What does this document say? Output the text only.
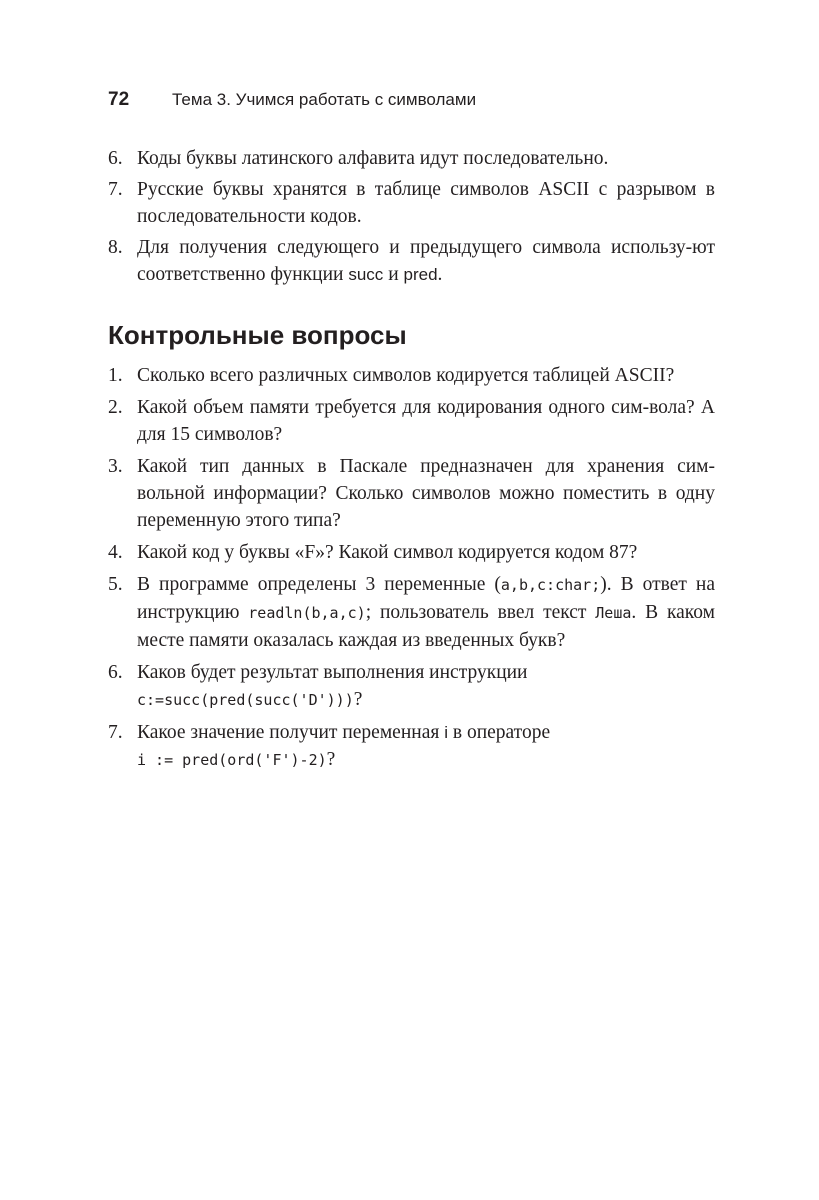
72	Тема 3. Учимся работать с символами
6. Коды буквы латинского алфавита идут последовательно.
7. Русские буквы хранятся в таблице символов ASCII с разрывом в последовательности кодов.
8. Для получения следующего и предыдущего символа использу-ют соответственно функции succ и pred.
Контрольные вопросы
1. Сколько всего различных символов кодируется таблицей ASCII?
2. Какой объем памяти требуется для кодирования одного сим-вола? А для 15 символов?
3. Какой тип данных в Паскале предназначен для хранения сим-вольной информации? Сколько символов можно поместить в одну переменную этого типа?
4. Какой код у буквы «F»? Какой символ кодируется кодом 87?
5. В программе определены 3 переменные (a,b,c:char;). В ответ на инструкцию readln(b,a,c); пользователь ввел текст Леша. В каком месте памяти оказалась каждая из введенных букв?
6. Каков будет результат выполнения инструкции
c:=succ(pred(succ('D')))?
7. Какое значение получит переменная i в операторе
i := pred(ord('F')-2)?
